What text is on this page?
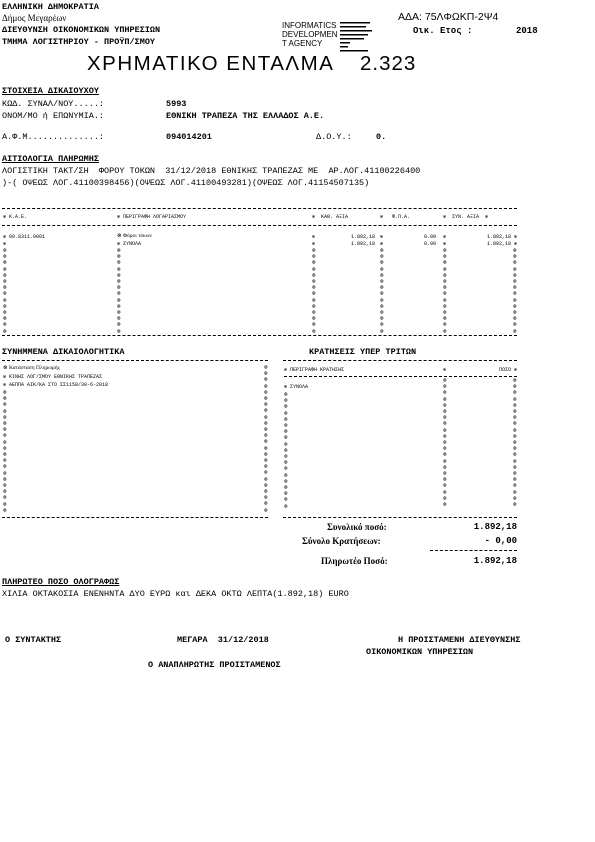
ΕΛΛΗΝΙΚΗ ΔΗΜΟΚΡΑΤΙΑ
Δήμος Μεγαρέων
ΔΙΕΥΘΥΝΣΗ ΟΙΚΟΝΟΜΙΚΩΝ ΥΠΗΡΕΣΙΩΝ
ΤΜΗΜΑ ΛΟΓΙΣΤΗΡΙΟΥ - ΠΡΟΫΠ/ΣΜΟΥ
INFORMATICS
DEVELOPMEN
T AGENCY
ΑΔΑ: 75ΛΦΩΚΠ-2Ψ4
Οικ. Ετος :	2018
ΧΡΗΜΑΤΙΚΟ ΕΝΤΑΛΜΑ 2.323
ΣΤΟΙΧΕΙΑ ΔΙΚΑΙΟΥΧΟΥ
ΚΩΔ. ΣΥΝΑΛ/ΝΟΥ.....:	5993
ΟΝΟΜ/ΜΟ ή ΕΠΩΝΥΜΙΑ.:	ΕΘΝΙΚΗ ΤΡΑΠΕΖΑ ΤΗΣ ΕΛΛΑΔΟΣ Α.Ε.
Α.Φ.Μ..............:	094014201	Δ.Ο.Υ.:	0.
ΑΙΤΙΟΛΟΓΙΑ ΠΛΗΡΩΜΗΣ
ΛΟΓΙΣΤΙΚΗ ΤΑΚΤ/ΣΗ  ΦΟΡΟΥ ΤΟΚΩΝ  31/12/2018 ΕΘΝΙΚΗΣ ΤΡΑΠΕΖΑΣ ΜΕ  ΑΡ.ΛΟΓ.41100226400
)-( ΟΨΕΩΣ ΛΟΓ.41100398456)(ΟΨΕΩΣ ΛΟΓ.41100493281)(ΟΨΕΩΣ ΛΟΓ.41154507135)
⊗ Κ.Α.Ε.	⊗ ΠΕΡΙΓΡΑΦΗ ΛΟΓΑΡΙΑΣΜΟΥ	⊗  ΚΑΘ. ΑΞΙΑ	⊗   Φ.Π.Α.	⊗  ΣΥΝ. ΑΞΙΑ  ⊗
⊗ 00.8311.0001	⊗ Φόροι τόκων	⊗	1.892,18 ⊗	0.00 ⊗	1.892,18 ⊗
⊗	⊗ ΣΥΝΟΛΑ	⊗	1.892,18 ⊗	0.00 ⊗	1.892,18 ⊗
⊗
⊗
⊗
⊗
⊗
⊗
⊗
⊗
⊗
⊗
⊗
⊗
⊗
⊗
⊗
⊗
⊗
⊗
⊗
⊗
⊗
⊗
⊗
⊗
⊗
⊗
⊗
⊗
⊗
⊗
⊗
⊗
⊗
⊗
⊗
⊗
⊗
⊗
⊗
⊗
⊗
⊗
⊗
⊗
⊗
⊗
⊗
⊗
⊗
⊗
⊗
⊗
⊗
⊗
⊗
⊗
⊗
⊗
⊗
⊗
⊗
⊗
⊗
⊗
⊗
⊗
⊗
⊗
⊗
⊗
⊗
⊗
⊗
⊗
⊗
⊗
⊗
⊗
⊗
⊗
⊗
⊗
⊗
⊗
ΣΥΝΗΜΜΕΝΑ ΔΙΚΑΙΟΛΟΓΗΤΙΚΑ
⊗ Κατάσταση Πληρωμής
⊗ ΚΙΝΗΣ ΛΟΓ/ΣΜΟΥ ΕΘΝΙΚΗΣ ΤΡΑΠΕΖΑΣ
⊗ ΑΕΠΠΑ ΑΙΚ/ΚΑ ΣΤΟ ΣΣ1150/30-6-2018
⊗
⊗
⊗
⊗
⊗
⊗
⊗
⊗
⊗
⊗
⊗
⊗
⊗
⊗
⊗
⊗
⊗
⊗
⊗
⊗
⊗
⊗
⊗
⊗
⊗
⊗
⊗
⊗
⊗
⊗
⊗
⊗
⊗
⊗
⊗
⊗
⊗
⊗
⊗
⊗
⊗
⊗
⊗
⊗
ΚΡΑΤΗΣΕΙΣ ΥΠΕΡ ΤΡΙΤΩΝ
⊗ ΠΕΡΙΓΡΑΦΗ ΚΡΑΤΗΣΗΣ	⊗	ΠΟΣΟ ⊗
⊗ ΣΥΝΟΛΑ
⊗
⊗
⊗
⊗
⊗
⊗
⊗
⊗
⊗
⊗
⊗
⊗
⊗
⊗
⊗
⊗
⊗
⊗
⊗
⊗
⊗
⊗
⊗
⊗
⊗
⊗
⊗
⊗
⊗
⊗
⊗
⊗
⊗
⊗
⊗
⊗
⊗
⊗
⊗
⊗
⊗
⊗
⊗
⊗
⊗
⊗
⊗
⊗
⊗
⊗
⊗
⊗
⊗
⊗
⊗
⊗
⊗
⊗
⊗
⊗
⊗
Συνολικό ποσό:	1.892,18
Σύνολο Κρατήσεων:	- 0,00
Πληρωτέο Ποσό:	1.892,18
ΠΛΗΡΩΤΕΟ ΠΟΣΟ ΟΛΟΓΡΑΦΩΣ
ΧΙΛΙΑ ΟΚΤΑΚΟΣΙΑ ΕΝΕΝΗΝΤΑ ΔΥΟ ΕΥΡΩ και ΔΕΚΑ ΟΚΤΩ ΛΕΠΤΑ(1.892,18) EURO
Ο ΣΥΝΤΑΚΤΗΣ	ΜΕΓΑΡΑ  31/12/2018	Η ΠΡΟΙΣΤΑΜΕΝΗ ΔΙΕΥΘΥΝΣΗΣ
ΟΙΚΟΝΟΜΙΚΩΝ ΥΠΗΡΕΣΙΩΝ
Ο ΑΝΑΠΛΗΡΩΤΗΣ ΠΡΟΙΣΤΑΜΕΝΟΣ
